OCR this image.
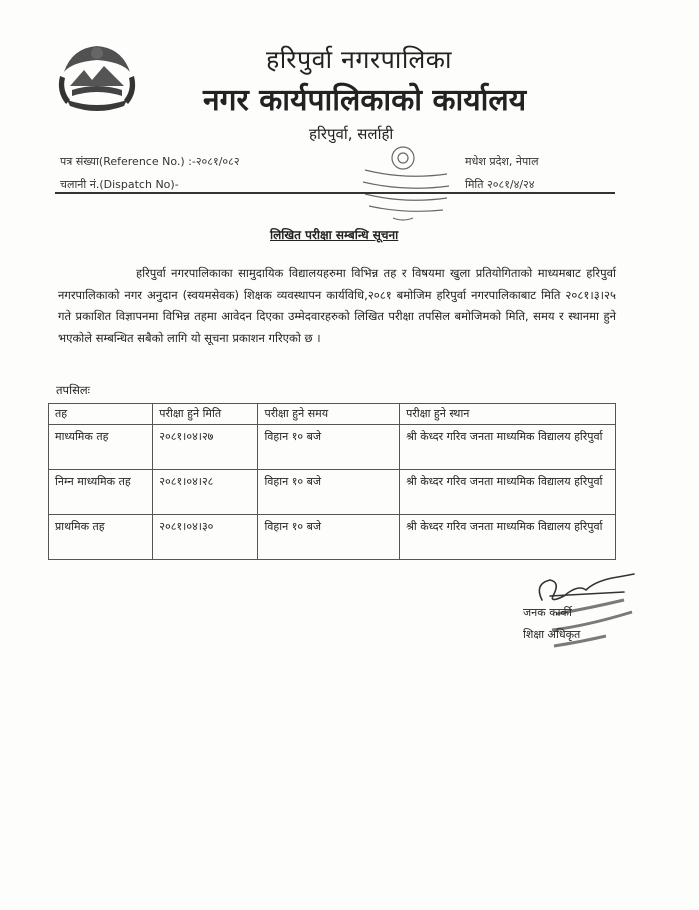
हरिपुर्वा नगरपालिका
नगर कार्यपालिकाको कार्यालय
हरिपुर्वा, सर्लाही
पत्र संख्या(Reference No.) :-२०८१/०८२
चलानी नं.(Dispatch No)-
मधेश प्रदेश, नेपाल
मिति २०८१/४/२४
लिखित परीक्षा सम्बन्धि सूचना
हरिपुर्वा नगरपालिकाका सामुदायिक विद्यालयहरुमा विभिन्न तह र विषयमा खुला प्रतियोगिताको माध्यमबाट हरिपुर्वा नगरपालिकाको नगर अनुदान (स्वयमसेवक) शिक्षक व्यवस्थापन कार्यविधि,२०८१ बमोजिम हरिपुर्वा नगरपालिकाबाट मिति २०८१।३।२५ गते प्रकाशित विज्ञापनमा विभिन्न तहमा आवेदन दिएका उम्मेदवारहरुको लिखित परीक्षा तपसिल बमोजिमको मिति, समय र स्थानमा हुने भएकोले सम्बन्धित सबैको लागि यो सूचना प्रकाशन गरिएको छ ।
तपसिलः
तह	परीक्षा हुने मिति	परीक्षा हुने समय	परीक्षा हुने स्थान
माध्यमिक तह	२०८१।०४।२७	विहान १० बजे	श्री केध्दर गरिव जनता माध्यमिक विद्यालय हरिपुर्वा
निम्न माध्यमिक तह	२०८१।०४।२८	विहान १० बजे	श्री केध्दर गरिव जनता माध्यमिक विद्यालय हरिपुर्वा
प्राथमिक तह	२०८१।०४।३०	विहान १० बजे	श्री केध्दर गरिव जनता माध्यमिक विद्यालय हरिपुर्वा
जनक कार्की
शिक्षा अधिकृत
